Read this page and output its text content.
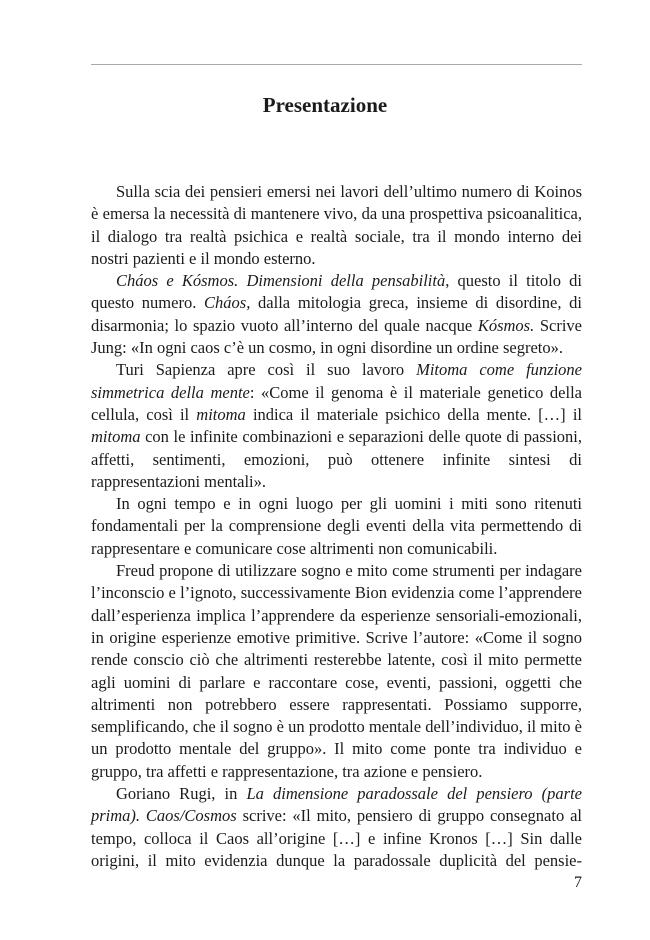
Presentazione

Sulla scia dei pensieri emersi nei lavori dell’ultimo numero di Koinos è emersa la necessità di mantenere vivo, da una prospettiva psicoanalitica, il dialogo tra realtà psichica e realtà sociale, tra il mondo interno dei nostri pazienti e il mondo esterno.

Cháos e Kósmos. Dimensioni della pensabilità, questo il titolo di questo numero. Cháos, dalla mitologia greca, insieme di disordine, di disarmonia; lo spazio vuoto all’interno del quale nacque Kósmos. Scrive Jung: «In ogni caos c’è un cosmo, in ogni disordine un ordine segreto».

Turi Sapienza apre così il suo lavoro Mitoma come funzione simmetrica della mente: «Come il genoma è il materiale genetico della cellula, così il mitoma indica il materiale psichico della mente. […] il mitoma con le infinite combinazioni e separazioni delle quote di passioni, affetti, sentimenti, emozioni, può ottenere infinite sintesi di rappresentazioni mentali».

In ogni tempo e in ogni luogo per gli uomini i miti sono ritenuti fondamentali per la comprensione degli eventi della vita permettendo di rappresentare e comunicare cose altrimenti non comunicabili.

Freud propone di utilizzare sogno e mito come strumenti per indagare l’inconscio e l’ignoto, successivamente Bion evidenzia come l’apprendere dall’esperienza implica l’apprendere da esperienze sensoriali-emozionali, in origine esperienze emotive primitive. Scrive l’autore: «Come il sogno rende conscio ciò che altrimenti resterebbe latente, così il mito permette agli uomini di parlare e raccontare cose, eventi, passioni, oggetti che altrimenti non potrebbero essere rappresentati. Possiamo supporre, semplificando, che il sogno è un prodotto mentale dell’individuo, il mito è un prodotto mentale del gruppo». Il mito come ponte tra individuo e gruppo, tra affetti e rappresentazione, tra azione e pensiero.

Goriano Rugi, in La dimensione paradossale del pensiero (parte prima). Caos/Cosmos scrive: «Il mito, pensiero di gruppo consegnato al tempo, colloca il Caos all’origine […] e infine Kronos […] Sin dalle origini, il mito evidenzia dunque la paradossale duplicità del pensie-

7
